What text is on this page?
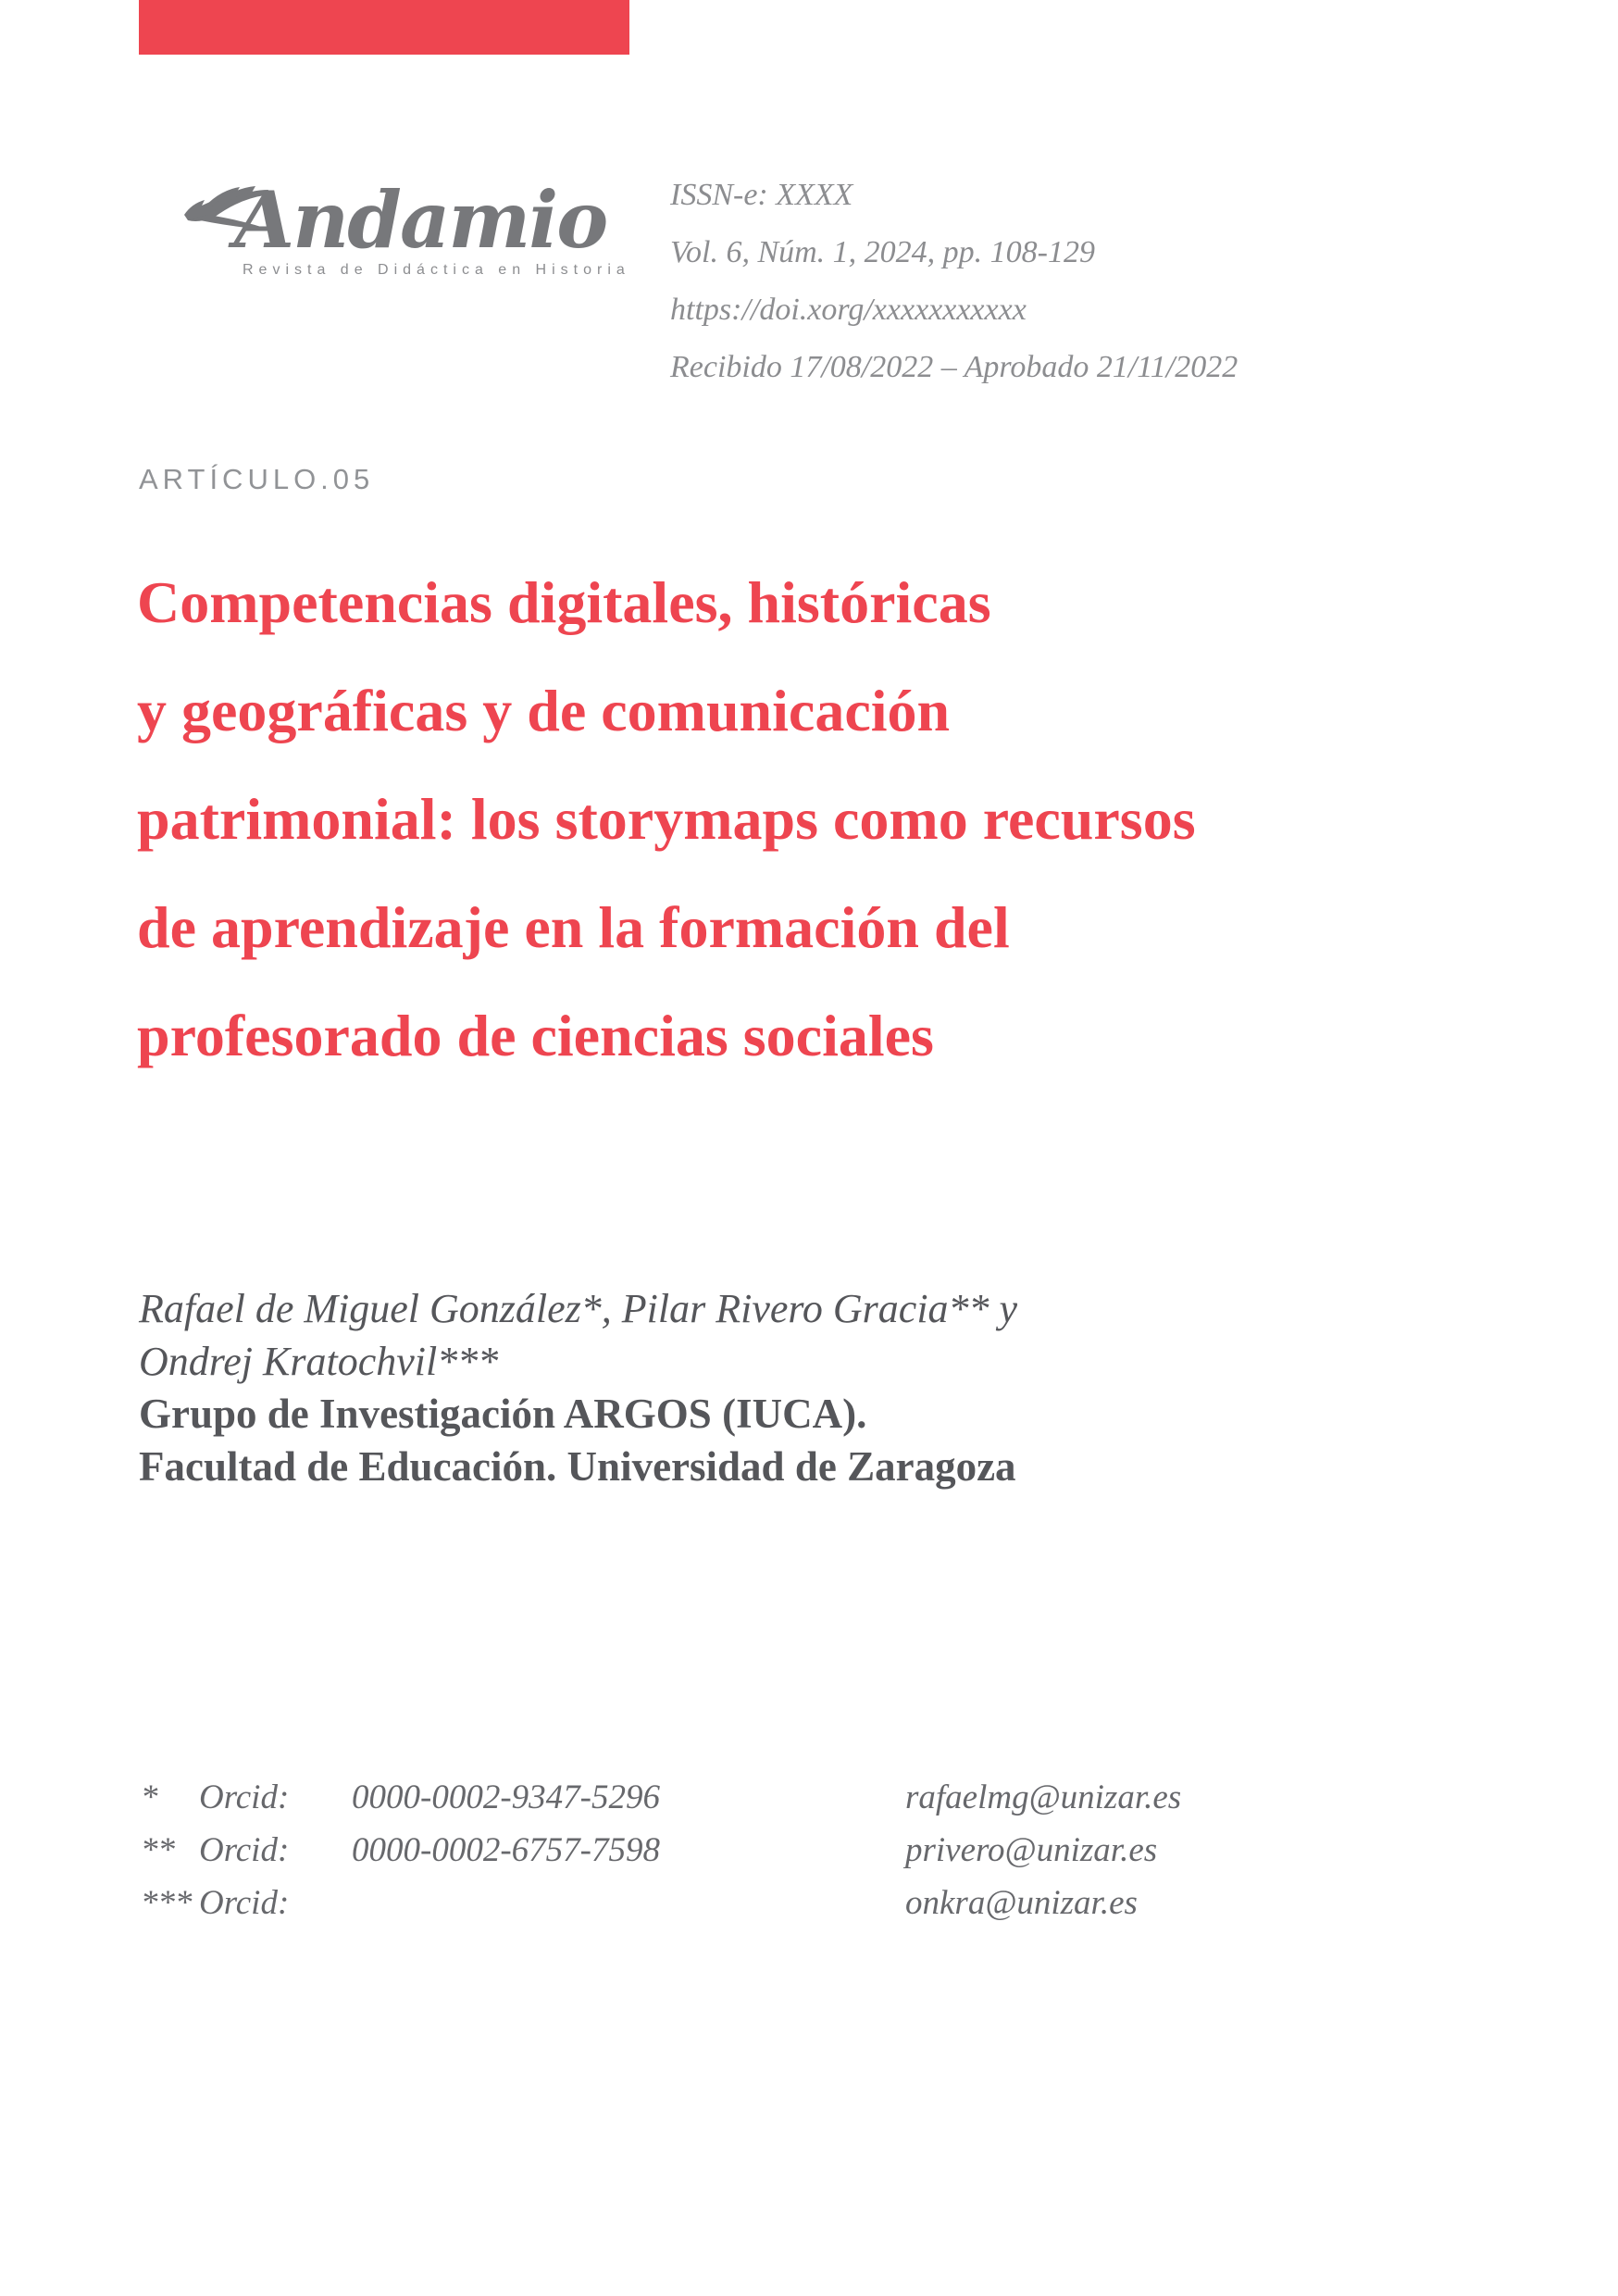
Andamio
Revista de Didáctica en Historia
ISSN-e: XXXX
Vol. 6, Núm. 1, 2024, pp. 108-129
https://doi.xorg/xxxxxxxxxxx
Recibido 17/08/2022 – Aprobado 21/11/2022
ARTÍCULO.05
Competencias digitales, históricas
y geográficas y de comunicación
patrimonial: los storymaps como recursos
de aprendizaje en la formación del
profesorado de ciencias sociales
Rafael de Miguel González*, Pilar Rivero Gracia** y
Ondrej Kratochvil***
Grupo de Investigación ARGOS (IUCA).
Facultad de Educación. Universidad de Zaragoza
* Orcid: 0000-0002-9347-5296	rafaelmg@unizar.es
** Orcid: 0000-0002-6757-7598	privero@unizar.es
*** Orcid:	onkra@unizar.es
